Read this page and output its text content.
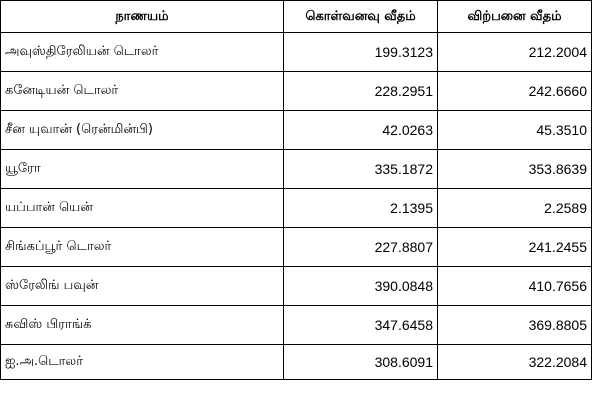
நாணயம்	கொள்வனவு வீதம்	விற்பனை வீதம்
அவுஸ்திரேலியன் டொலர்	199.3123	212.2004
கனேடியன் டொலர்	228.2951	242.6660
சீன யுவான் (ரென்மின்பி)	42.0263	45.3510
யூரோ	335.1872	353.8639
யப்பான் யென்	2.1395	2.2589
சிங்கப்பூர் டொலர்	227.8807	241.2455
ஸ்ரேலிங் பவுன்	390.0848	410.7656
சுவிஸ் பிராங்க்	347.6458	369.8805
ஐ.அ.டொலர்	308.6091	322.2084
